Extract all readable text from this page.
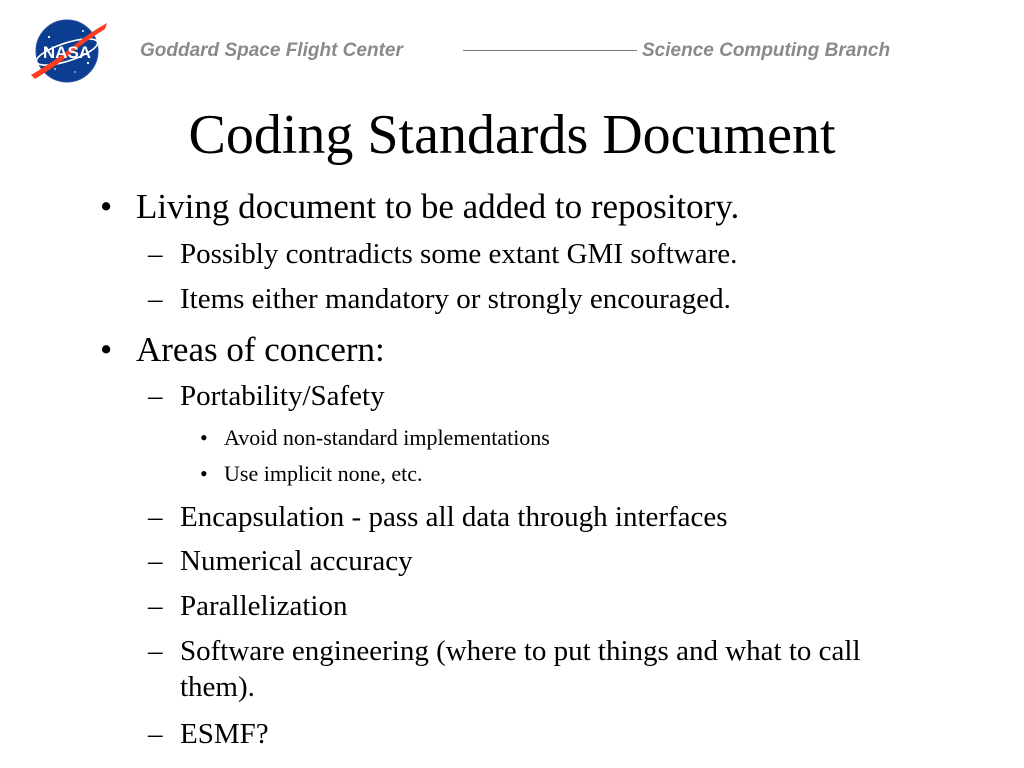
NASA	Goddard Space Flight Center	Science Computing Branch
Coding Standards Document
• Living document to be added to repository.
– Possibly contradicts some extant GMI software.
– Items either mandatory or strongly encouraged.
• Areas of concern:
– Portability/Safety
• Avoid non-standard implementations
• Use implicit none, etc.
– Encapsulation - pass all data through interfaces
– Numerical accuracy
– Parallelization
– Software engineering (where to put things and what to call them).
– ESMF?
